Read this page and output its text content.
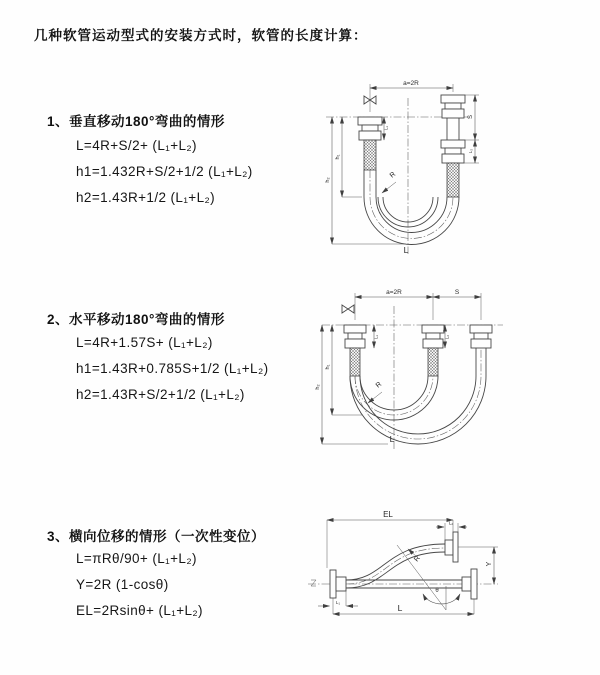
几种软管运动型式的安装方式时，软管的长度计算：
1、垂直移动180°弯曲的情形
L=4R+S/2+ (L₁+L₂)
h1=1.432R+S/2+1/2 (L₁+L₂)
h2=1.43R+1/2 (L₁+L₂)
2、水平移动180°弯曲的情形
L=4R+1.57S+ (L₁+L₂)
h1=1.43R+0.785S+1/2 (L₁+L₂)
h2=1.43R+S/2+1/2 (L₁+L₂)
3、横向位移的情形（一次性变位）
L=πRθ/90+ (L₁+L₂)
Y=2R (1-cosθ)
EL=2Rsinθ+ (L₁+L₂)
a=2R
R
h₁
h₂
L₁
S
L₂
L
a=2R	S
R
h₁
h₂
L₁	L₂
L
EL
L₂
Y
θ
R
L
L₁
